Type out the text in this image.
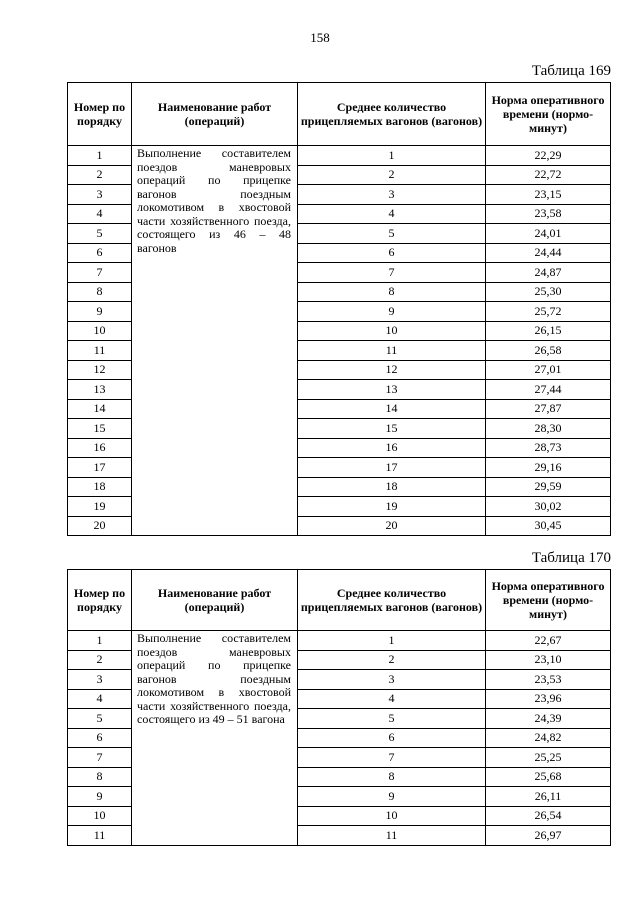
158
Таблица 169
Номер по порядку	Наименование работ (операций)	Среднее количество прицепляемых вагонов (вагонов)	Норма оперативного времени (нормо-минут)
1	Выполнение составителем поездов маневровых операций по прицепке вагонов поездным локомотивом в хвостовой части хозяйственного поезда, состоящего из 46 – 48 вагонов	1	22,29
2		2	22,72
3		3	23,15
4		4	23,58
5		5	24,01
6		6	24,44
7		7	24,87
8		8	25,30
9		9	25,72
10		10	26,15
11		11	26,58
12		12	27,01
13		13	27,44
14		14	27,87
15		15	28,30
16		16	28,73
17		17	29,16
18		18	29,59
19		19	30,02
20		20	30,45
Таблица 170
Номер по порядку	Наименование работ (операций)	Среднее количество прицепляемых вагонов (вагонов)	Норма оперативного времени (нормо-минут)
1	Выполнение составителем поездов маневровых операций по прицепке вагонов поездным локомотивом в хвостовой части хозяйственного поезда, состоящего из 49 – 51 вагона	1	22,67
2		2	23,10
3		3	23,53
4		4	23,96
5		5	24,39
6		6	24,82
7		7	25,25
8		8	25,68
9		9	26,11
10		10	26,54
11		11	26,97
